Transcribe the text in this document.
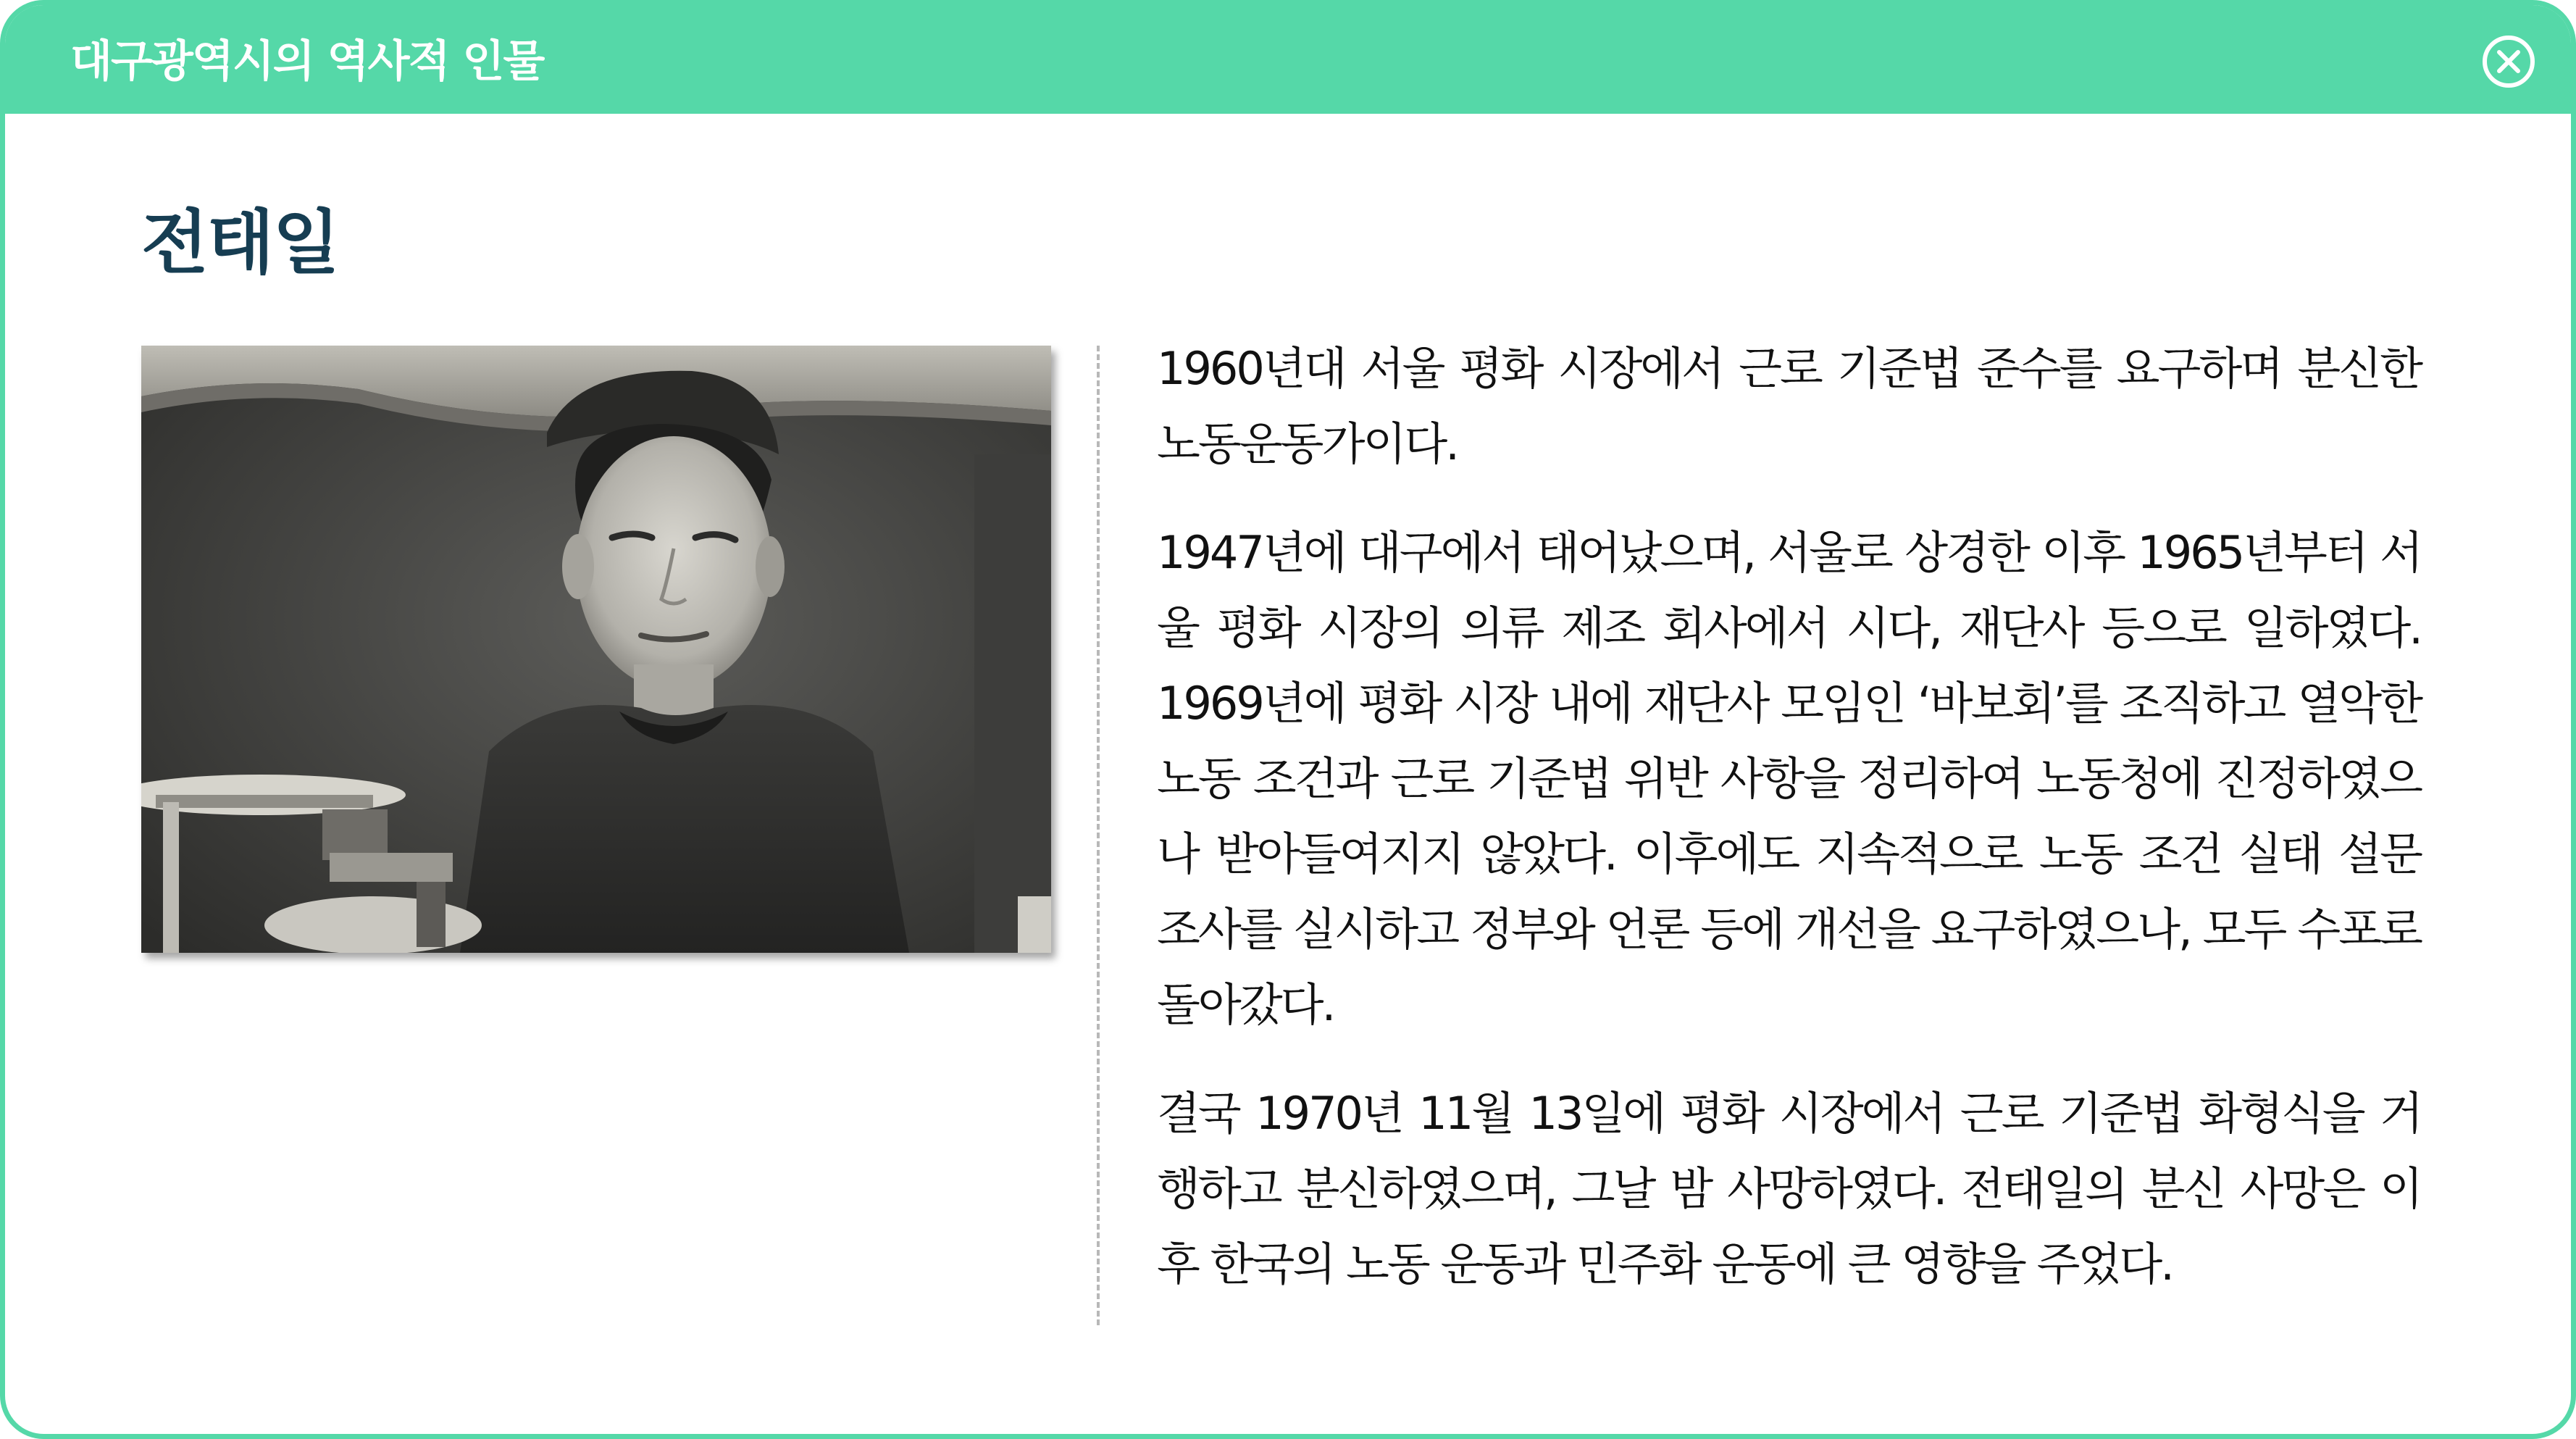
대구광역시의 역사적 인물
전태일

1960년대 서울 평화 시장에서 근로 기준법 준수를 요구하며 분신한 노동운동가이다.

1947년에 대구에서 태어났으며, 서울로 상경한 이후 1965년부터 서울 평화 시장의 의류 제조 회사에서 시다, 재단사 등으로 일하였다. 1969년에 평화 시장 내에 재단사 모임인 ‘바보회’를 조직하고 열악한 노동 조건과 근로 기준법 위반 사항을 정리하여 노동청에 진정하였으나 받아들여지지 않았다. 이후에도 지속적으로 노동 조건 실태 설문 조사를 실시하고 정부와 언론 등에 개선을 요구하였으나, 모두 수포로 돌아갔다.

결국 1970년 11월 13일에 평화 시장에서 근로 기준법 화형식을 거행하고 분신하였으며, 그날 밤 사망하였다. 전태일의 분신 사망은 이후 한국의 노동 운동과 민주화 운동에 큰 영향을 주었다.
